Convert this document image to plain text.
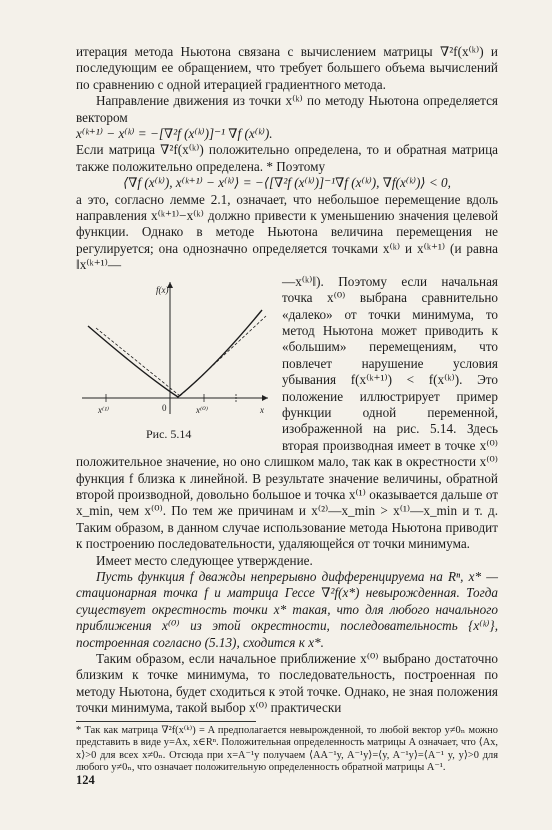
итерация метода Ньютона связана с вычислением матрицы ∇²f(x⁽ᵏ⁾) и последующим ее обращением, что требует большего объема вычислений по сравнению с одной итерацией градиентного метода.

Направление движения из точки x⁽ᵏ⁾ по методу Ньютона определяется вектором

x⁽ᵏ⁺¹⁾ − x⁽ᵏ⁾ = −[∇²f (x⁽ᵏ⁾)]⁻¹ ∇f (x⁽ᵏ⁾).

Если матрица ∇²f(x⁽ᵏ⁾) положительно определена, то и обратная матрица также положительно определена. * Поэтому

⟨∇f (x⁽ᵏ⁾), x⁽ᵏ⁺¹⁾ − x⁽ᵏ⁾⟩ = −⟨[∇²f (x⁽ᵏ⁾)]⁻¹∇f (x⁽ᵏ⁾), ∇f(x⁽ᵏ⁾)⟩ < 0,

а это, согласно лемме 2.1, означает, что небольшое перемещение вдоль направления x⁽ᵏ⁺¹⁾−x⁽ᵏ⁾ должно привести к уменьшению значения целевой функции. Однако в методе Ньютона величина перемещения не регулируется; она однозначно определяется точками x⁽ᵏ⁾ и x⁽ᵏ⁺¹⁾ (и равна ‖x⁽ᵏ⁺¹⁾—

f(x)
x
0
x⁽¹⁾	x⁽⁰⁾
Рис. 5.14

—x⁽ᵏ⁾‖). Поэтому если начальная точка x⁽⁰⁾ выбрана сравнительно «далеко» от точки минимума, то метод Ньютона может приводить к «большим» перемещениям, что повлечет нарушение условия убывания f(x⁽ᵏ⁺¹⁾) < f(x⁽ᵏ⁾). Это положение иллюстрирует пример функции одной переменной, изображенной на рис. 5.14. Здесь вторая производная имеет в точке x⁽⁰⁾ положительное значение, но оно слишком мало, так как в окрестности x⁽⁰⁾ функция f близка к линейной. В результате значение величины, обратной второй производной, довольно большое и точка x⁽¹⁾ оказывается дальше от x_min, чем x⁽⁰⁾. По тем же причинам и x⁽²⁾—x_min > x⁽¹⁾—x_min и т. д. Таким образом, в данном случае использование метода Ньютона приводит к построению последовательности, удаляющейся от точки минимума.

Имеет место следующее утверждение.

Пусть функция f дважды непрерывно дифференцируема на Rⁿ, x* — стационарная точка f и матрица Гессе ∇²f(x*) невырожденная. Тогда существует окрестность точки x* такая, что для любого начального приближения x⁽⁰⁾ из этой окрестности, последовательность {x⁽ᵏ⁾}, построенная согласно (5.13), сходится к x*.

Таким образом, если начальное приближение x⁽⁰⁾ выбрано достаточно близким к точке минимума, то последовательность, построенная по методу Ньютона, будет сходиться к этой точке. Однако, не зная положения точки минимума, такой выбор x⁽⁰⁾ практически

* Так как матрица ∇²f(x⁽ᵏ⁾) = A предполагается невырожденной, то любой вектор y≠0ₙ можно представить в виде y=Ax, x∈Rⁿ. Положительная определенность матрицы A означает, что ⟨Ax, x⟩>0 для всех x≠0ₙ. Отсюда при x=A⁻¹y получаем ⟨AA⁻¹y, A⁻¹y⟩=⟨y, A⁻¹y⟩=⟨A⁻¹ y, y⟩>0 для любого y≠0ₙ, что означает положительную определенность обратной матрицы A⁻¹.

124
